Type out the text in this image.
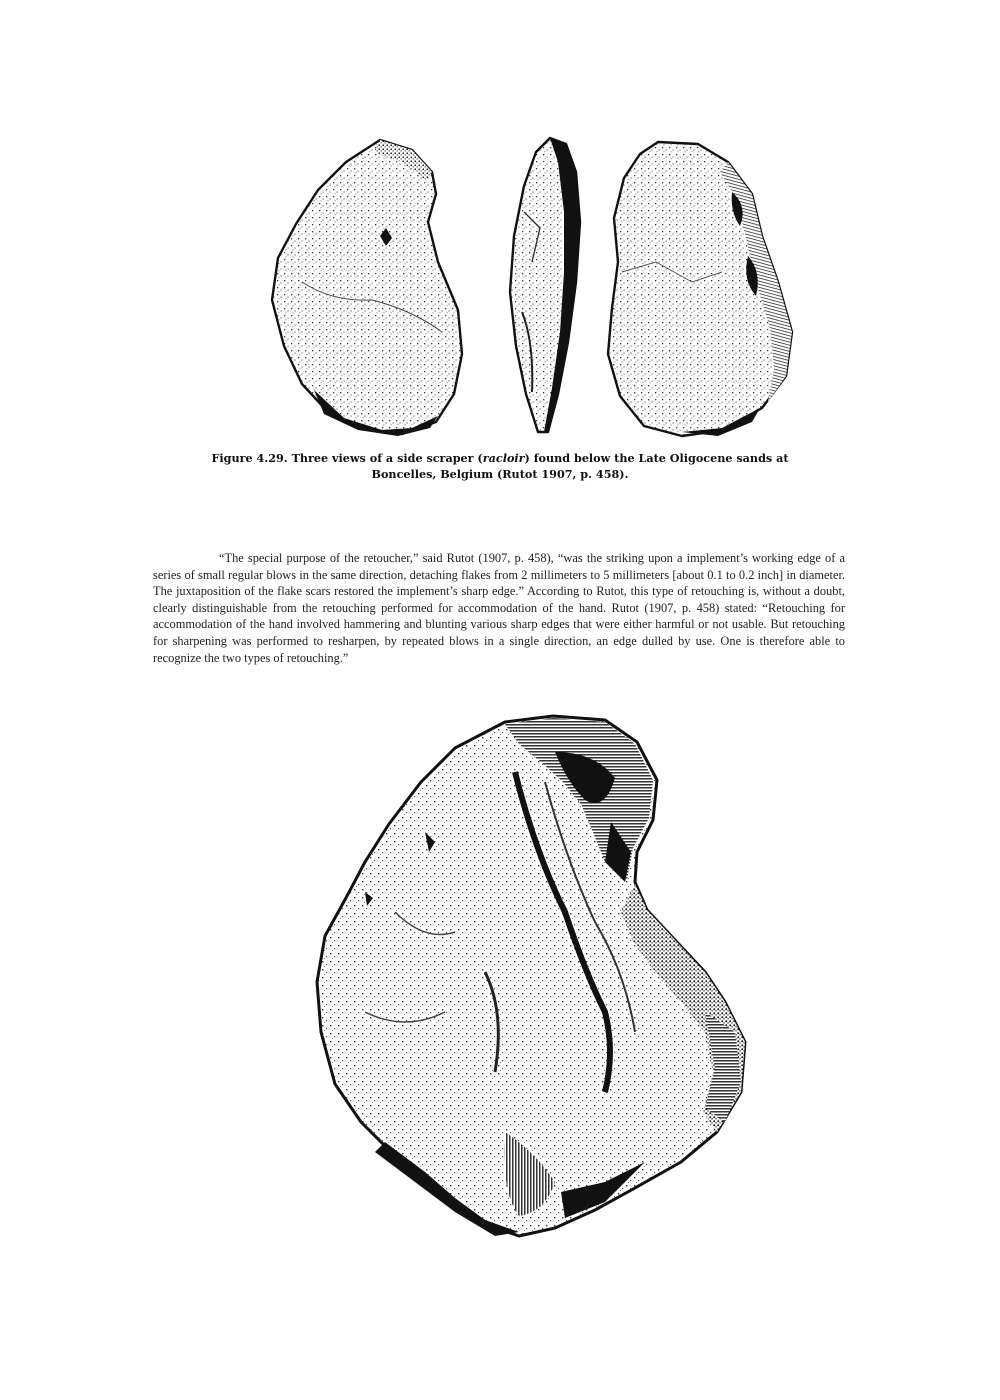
Figure 4.29. Three views of a side scraper (racloir) found below the Late Oligocene sands at Boncelles, Belgium (Rutot 1907, p. 458).

“The special purpose of the retoucher,” said Rutot (1907, p. 458), “was the striking upon a implement’s working edge of a series of small regular blows in the same direction, detaching flakes from 2 millimeters to 5 millimeters [about 0.1 to 0.2 inch] in diameter. The juxtaposition of the flake scars restored the implement’s sharp edge.” According to Rutot, this type of retouching is, without a doubt, clearly distinguishable from the retouching performed for accommodation of the hand. Rutot (1907, p. 458) stated: “Retouching for accommodation of the hand involved hammering and blunting various sharp edges that were either harmful or not usable. But retouching for sharpening was performed to resharpen, by repeated blows in a single direction, an edge dulled by use. One is therefore able to recognize the two types of retouching.”
